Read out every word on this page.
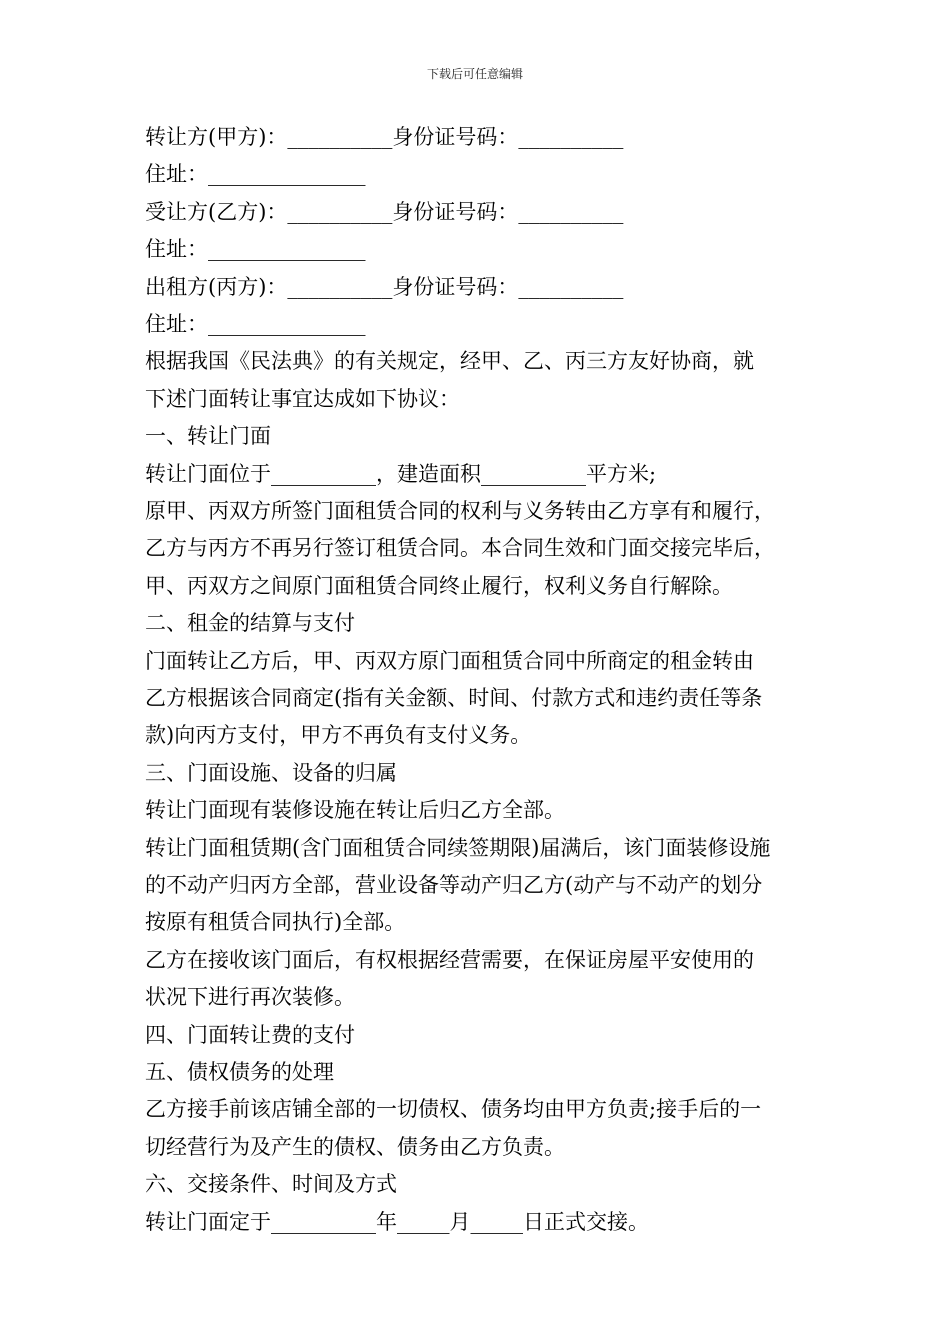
下载后可任意编辑
转让方(甲方)：__________身份证号码：__________
住址：_______________
受让方(乙方)：__________身份证号码：__________
住址：_______________
出租方(丙方)：__________身份证号码：__________
住址：_______________
根据我国《民法典》的有关规定，经甲、乙、丙三方友好协商，就
下述门面转让事宜达成如下协议：
一、转让门面
转让门面位于__________，建造面积__________平方米;
原甲、丙双方所签门面租赁合同的权利与义务转由乙方享有和履行，
乙方与丙方不再另行签订租赁合同。本合同生效和门面交接完毕后，
甲、丙双方之间原门面租赁合同终止履行，权利义务自行解除。
二、租金的结算与支付
门面转让乙方后，甲、丙双方原门面租赁合同中所商定的租金转由
乙方根据该合同商定(指有关金额、时间、付款方式和违约责任等条
款)向丙方支付，甲方不再负有支付义务。
三、门面设施、设备的归属
转让门面现有装修设施在转让后归乙方全部。
转让门面租赁期(含门面租赁合同续签期限)届满后，该门面装修设施
的不动产归丙方全部，营业设备等动产归乙方(动产与不动产的划分
按原有租赁合同执行)全部。
乙方在接收该门面后，有权根据经营需要，在保证房屋平安使用的
状况下进行再次装修。
四、门面转让费的支付
五、债权债务的处理
乙方接手前该店铺全部的一切债权、债务均由甲方负责;接手后的一
切经营行为及产生的债权、债务由乙方负责。
六、交接条件、时间及方式
转让门面定于__________年_____月_____日正式交接。
